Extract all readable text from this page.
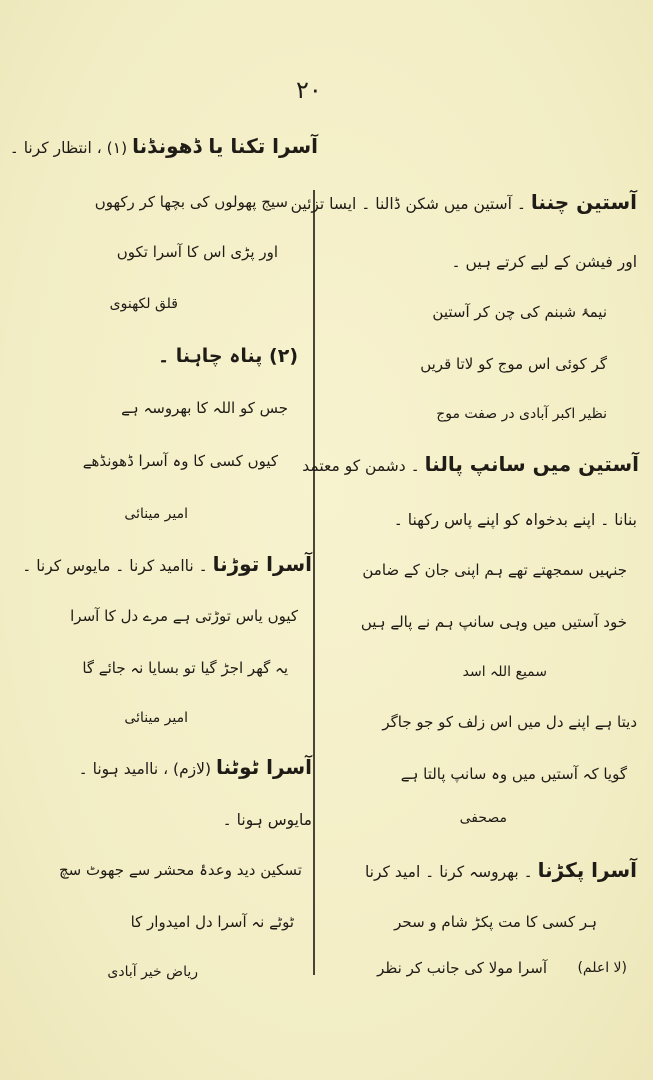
۲۰
آسرا تکنا یا ڈھونڈنا (۱) ، انتظار کرنا ۔
سیج پھولوں کی بچھا کر رکھوں
اور پڑی اس کا آسرا تکوں
قلق لکھنوی
(۲) پناہ چاہنا ۔
جس کو اللہ کا بھروسہ ہے
کیوں کسی کا وہ آسرا ڈھونڈھے
امیر مینائی
آسرا توڑنا ۔ ناامید کرنا ۔ مایوس کرنا ۔
کیوں یاس توڑتی ہے مرے دل کا آسرا
یہ گھر اجڑ گیا تو بسایا نہ جائے گا
امیر مینائی
آسرا ٹوٹنا (لازم) ، ناامید ہونا ۔
مایوس ہونا ۔
تسکین دید وعدۂ محشر سے جھوٹ سچ
ٹوٹے نہ آسرا دل امیدوار کا
ریاض خیر آبادی
آستین چننا ۔ آستین میں شکن ڈالنا ۔ ایسا تزئین
اور فیشن کے لیے کرتے ہیں ۔
نیمۂ شبنم کی چن کر آستین
گر کوئی اس موج کو لاتا قریں
نظیر اکبر آبادی در صفت موج
آستین میں سانپ پالنا ۔ دشمن کو معتمد
بنانا ۔ اپنے بدخواہ کو اپنے پاس رکھنا ۔
جنہیں سمجھتے تھے ہم اپنی جان کے ضامن
خود آستیں میں وہی سانپ ہم نے پالے ہیں
سمیع اللہ اسد
دیتا ہے اپنے دل میں اس زلف کو جو جاگر
گویا کہ آستیں میں وہ سانپ پالتا ہے
مصحفی
آسرا پکڑنا ۔ بھروسہ کرنا ۔ امید کرنا
ہر کسی کا مت پکڑ شام و سحر
آسرا مولا کی جانب کر نظر (لا اعلم)
